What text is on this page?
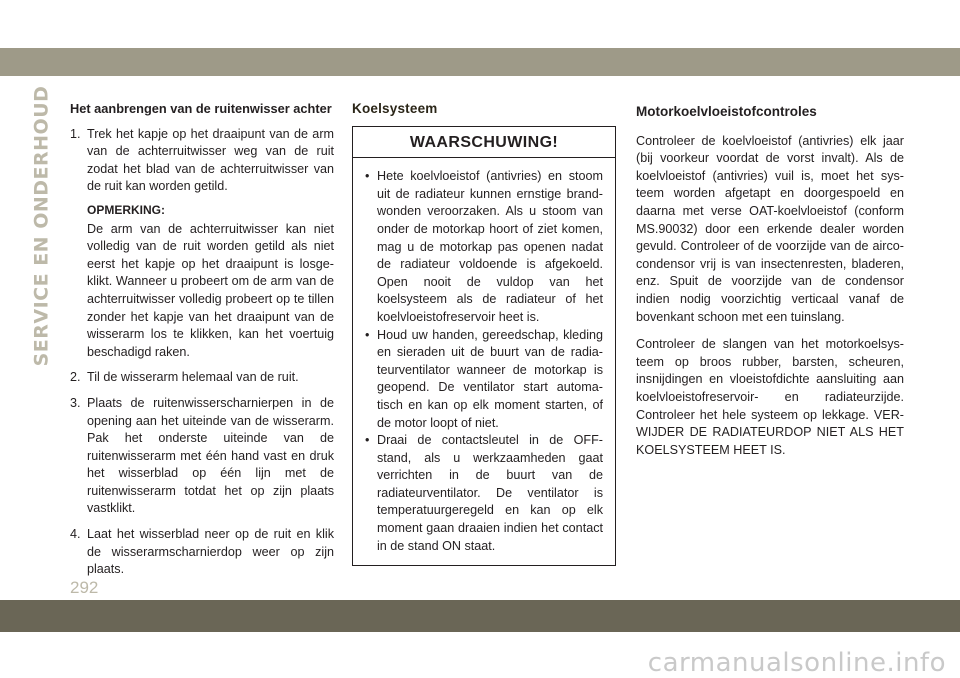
SERVICE EN ONDERHOUD Het aanbrengen van de ruitenwisser achter
1. Trek het kapje op het draaipunt van de arm van de achterruitwisser weg van de ruit zodat het blad van de achterruitwisser van de ruit kan worden getild.
OPMERKING:
De arm van de achterruitwisser kan niet volledig van de ruit worden getild als niet eerst het kapje op het draaipunt is losgeklikt. Wanneer u probeert om de arm van de achterruitwisser volledig probeert op te tillen zonder het kapje van het draaipunt van de wisserarm los te klikken, kan het voertuig beschadigd raken.
2. Til de wisserarm helemaal van de ruit.
3. Plaats de ruitenwisserscharnierpen in de opening aan het uiteinde van de wisserarm. Pak het onderste uiteinde van de ruitenwisserarm met één hand vast en druk het wisserblad op één lijn met de ruitenwisserarm totdat het op zijn plaats vastklikt.
4. Laat het wisserblad neer op de ruit en klik de wisserarmscharnierdop weer op zijn plaats.
Koelsysteem
WAARSCHUWING!
• Hete koelvloeistof (antivries) en stoom uit de radiateur kunnen ernstige brandwonden veroorzaken. Als u stoom van onder de motorkap hoort of ziet komen, mag u de motorkap pas openen nadat de radiateur voldoende is afgekoeld. Open nooit de vuldop van het koelsysteem als de radiateur of het koelvloeistofreservoir heet is.
• Houd uw handen, gereedschap, kleding en sieraden uit de buurt van de radiateurventilator wanneer de motorkap is geopend. De ventilator start automatisch en kan op elk moment starten, of de motor loopt of niet.
• Draai de contactsleutel in de OFF-stand, als u werkzaamheden gaat verrichten in de buurt van de radiateurventilator. De ventilator is temperatuurgeregeld en kan op elk moment gaan draaien indien het contact in de stand ON staat.
Motorkoelvloeistofcontroles

Controleer de koelvloeistof (antivries) elk jaar (bij voorkeur voordat de vorst invalt). Als de koelvloeistof (antivries) vuil is, moet het systeem worden afgetapt en doorgespoeld en daarna met verse OAT-koelvloeistof (conform MS.90032) door een erkende dealer worden gevuld. Controleer of de voorzijde van de airco-condensor vrij is van insectenresten, bladeren, enz. Spuit de voorzijde van de condensor indien nodig voorzichtig verticaal vanaf de bovenkant schoon met een tuinslang.

Controleer de slangen van het motorkoelsysteem op broos rubber, barsten, scheuren, insnijdingen en vloeistofdichte aansluiting aan koelvloeistofreservoir- en radiateurzijde. Controleer het hele systeem op lekkage. VERWIJDER DE RADIATEURDOP NIET ALS HET KOELSYSTEEM HEET IS.

292
carmanualsonline.info
